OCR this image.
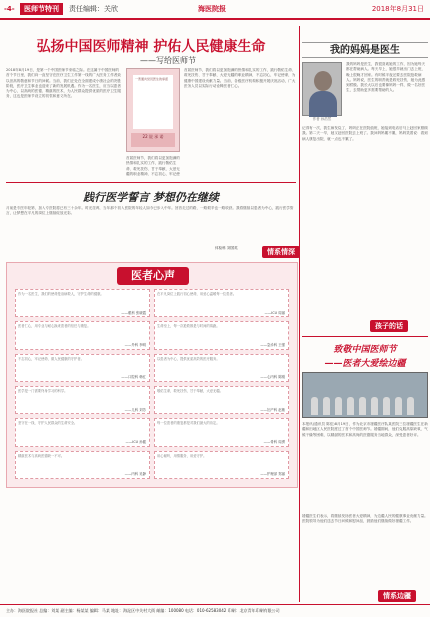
-4-	医师节特刊	责任编辑：关欣	海医院报	2018年8月31日
弘扬中国医师精神 护佑人民健康生命
——写给医师节
2018年8月19日，是第一个中国医师节来临之际。在这属于中国医师的首个节日里，我们向一直坚守在医疗卫生工作第一线的广大医务工作者致以崇高的敬意和节日的问候。当前，我们正处在全面建成小康社会的决胜阶段，医疗卫生事业也迎来了新的发展机遇。作为一名医生，应当以患者为中心，以高尚的医德、精湛的医术，为人民群众提供优质的医疗卫生服务，这也是医师节设立的初衷和意义所在。
一普通共党员医生的承诺
22 说 承 诺
首届医师节，我们将以更加饱满的热情和扎实的工作，践行敬佑生命、救死扶伤、甘于奉献、大爱无疆的职业精神，不忘初心，牢记使命，为健康中国建设贡献力量。当前，各级医疗机构积极开展庆祝活动，广大医务人员以实际行动诠释医者仁心。
首届医师节，我们将以更加饱满的热情和扎实的工作，践行敬佑生命、救死扶伤、甘于奉献、大爱无疆的职业精神，不忘初心，牢记使
我的妈妈是医生
作者 孙浩然
我的妈妈是医生，我很喜欢她的工作，因为她每天都在帮助病人。每天早上，她很早就出门去上班，晚上很晚才回家。有时候半夜还要去医院抢救病人。妈妈说，医生的职责就是救死扶伤，她为此感到骄傲。我长大以后也要像妈妈一样，做一名好医生，去帮助更多需要帮助的人。
记得有一次，我生病发烧了，妈妈正在医院值班，她接到电话后马上赶回家照顾我。第二天一早，她又赶回医院去上班了。我问妈妈累不累，妈妈笑着说：看到病人康复出院，就一点也不累了。
孩子的话
践行医学誓言 梦想仍在继续
月前是专医年轮第，加入专医院将已有三十余年。时光荏苒，当年那个初入医院的年轻人如今已步入中年。回首走过的路，一路艰辛也一路收获。我将继续以患者为中心，践行医学誓言，让梦想在平凡的岗位上继续绽放光彩。
体检科 刘国英	情系情深
医者心声
作为一名医生，我们的使命是治病救人，守护生命的健康。
——眼科 张晓霞
在平凡岗位上践行初心使命，用爱心温暖每一位患者。
——ICU 周丽
医者仁心，用专业与耐心换来患者的信任与康复。
——外科 李明
生命至上，每一次抢救都是与时间的赛跑。
——急诊科 王强
不忘初心，牢记使命，做人民健康的守护者。
——口腔科 韩红
以患者为中心，提供优质高效的医疗服务。
——心内科 陈刚
医学是一门需要终身学习的科学。
——儿科 刘芳
敬佑生命，救死扶伤，甘于奉献，大爱无疆。
——妇产科 赵敏
坚守在一线，守护人民群众的生命安全。
——ICU 孙健
每一位患者的康复都是对我们最大的肯定。
——骨科 周勇
精湛医术与高尚医德缺一不可。
——内科 吴静
用心倾听，用情服务，用爱守护。
——护理部 郑丽
致敬中国医师节
——医者大爱绘边疆
本报讯(通讯员 陈佳)8月19日，作为北京市援疆医疗队某医院三位援疆医生在新疆和田地区人民医院度过了首个中国医师节。援疆期间，他们克服高原缺氧、气候干燥等困难，以精湛的医术和高尚的医德服务当地群众，深受患者好评。
援疆医生们表示，将继续发扬医者大爱精神，为边疆人民的健康事业贡献力量。医院领导为他们送去节日问候和慰问品，鼓励他们继续做好援疆工作。
情系边疆
主办：海医院报社 总编：刘某 副主编：杨某某 编辑：马某 地址：海淀区中关村大街 邮编：100080 电话：010-62583042 印刷：北京青年印刷有限公司
